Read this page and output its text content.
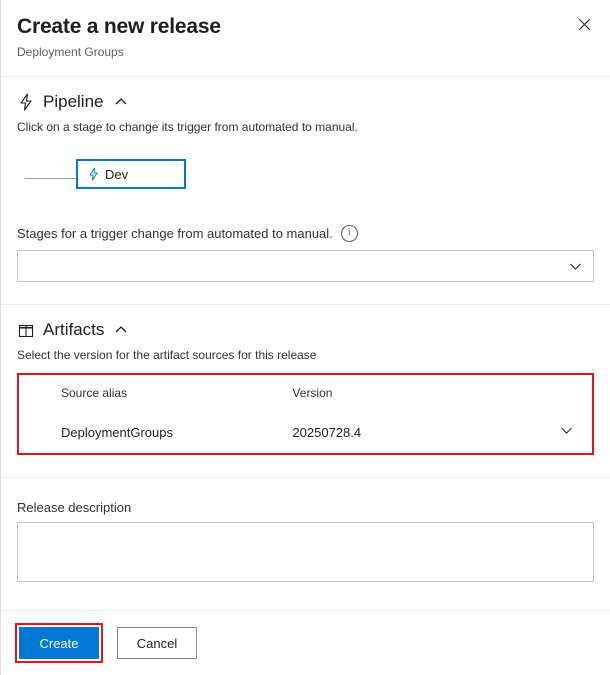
Create a new release
Deployment Groups
Pipeline
Click on a stage to change its trigger from automated to manual.
Dev
Stages for a trigger change from automated to manual.	i
Artifacts
Select the version for the artifact sources for this release
Source alias	Version	
DeploymentGroups	20250728.4	
Release description
Create	Cancel
